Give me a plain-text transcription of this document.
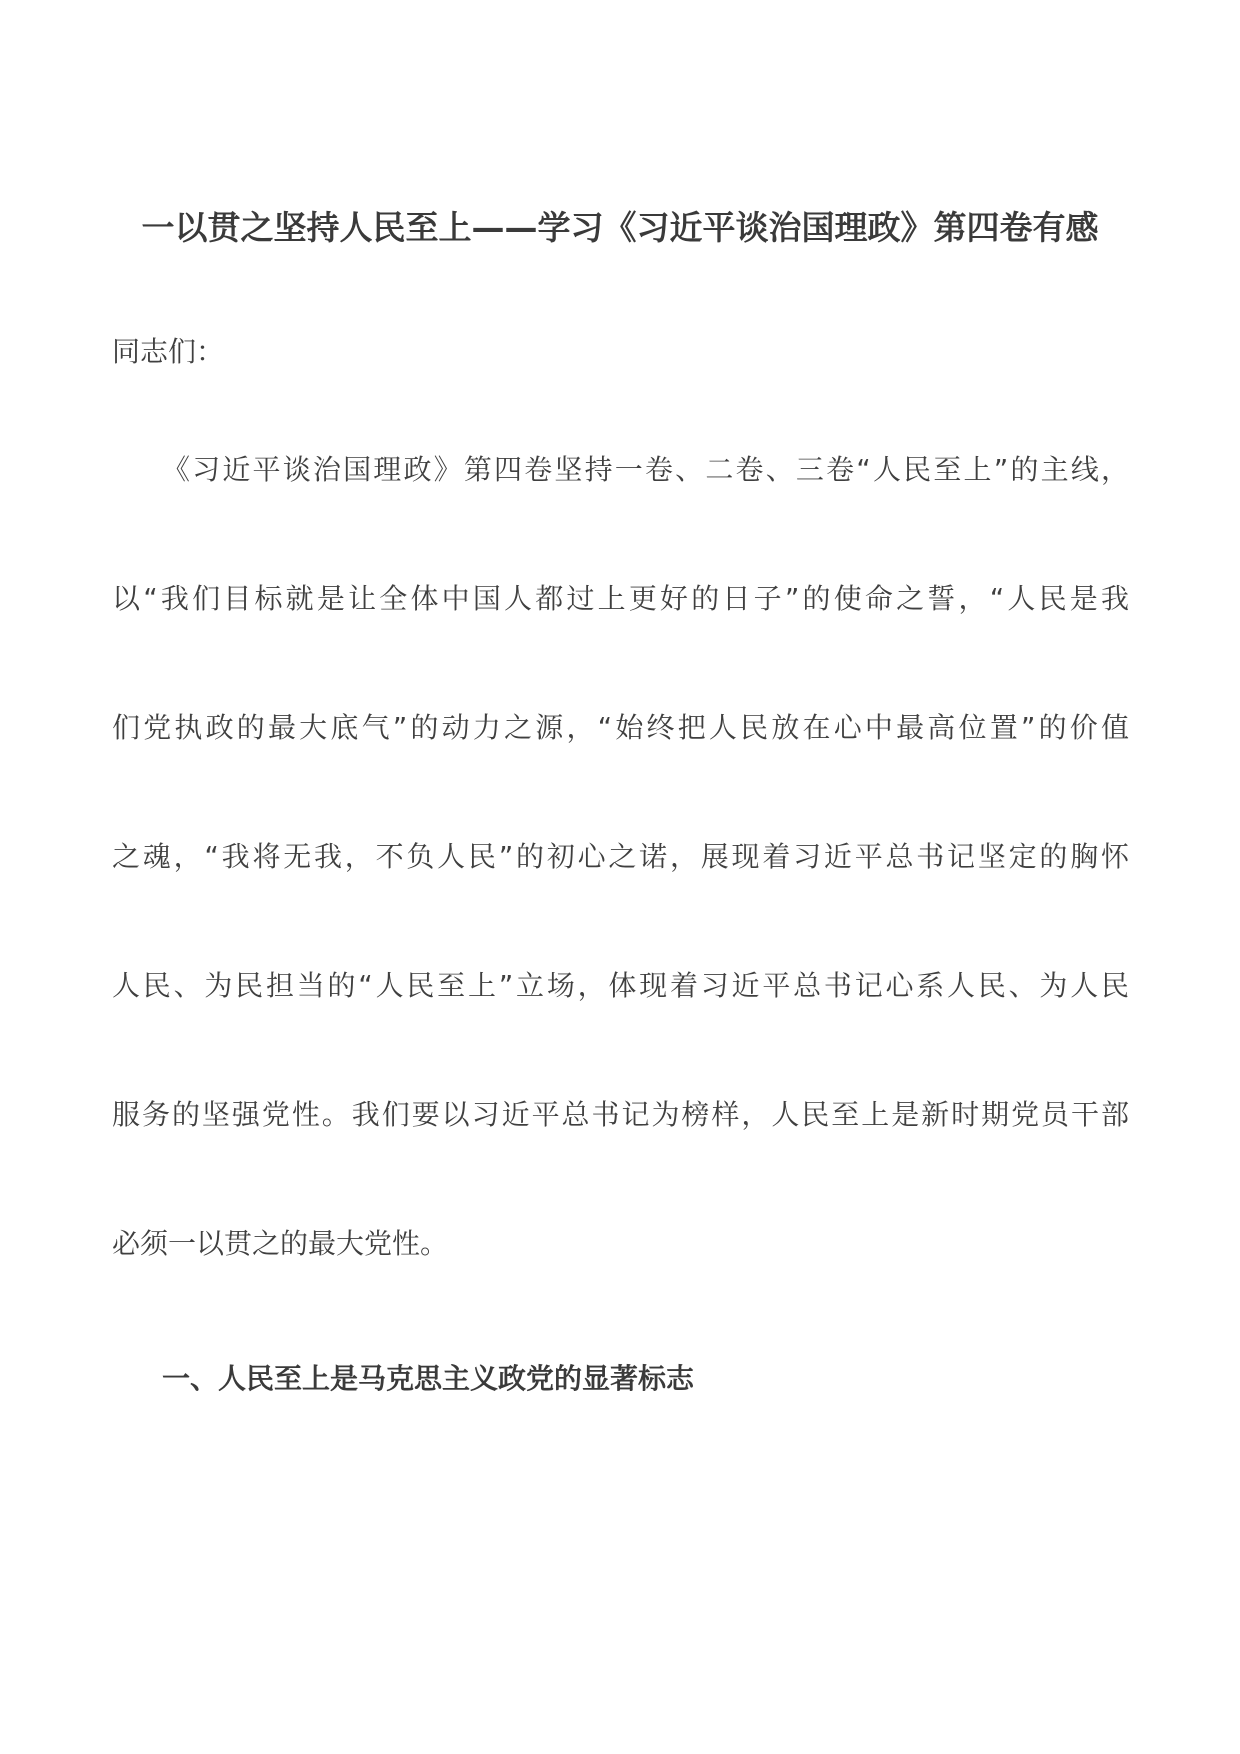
一以贯之坚持人民至上——学习《习近平谈治国理政》第四卷有感
同志们：
《习近平谈治国理政》第四卷坚持一卷、二卷、三卷“人民至上”的主线，
以“我们目标就是让全体中国人都过上更好的日子”的使命之誓，“人民是我
们党执政的最大底气”的动力之源，“始终把人民放在心中最高位置”的价值
之魂，“我将无我，不负人民”的初心之诺，展现着习近平总书记坚定的胸怀
人民、为民担当的“人民至上”立场，体现着习近平总书记心系人民、为人民
服务的坚强党性。我们要以习近平总书记为榜样，人民至上是新时期党员干部
必须一以贯之的最大党性。
一、人民至上是马克思主义政党的显著标志
